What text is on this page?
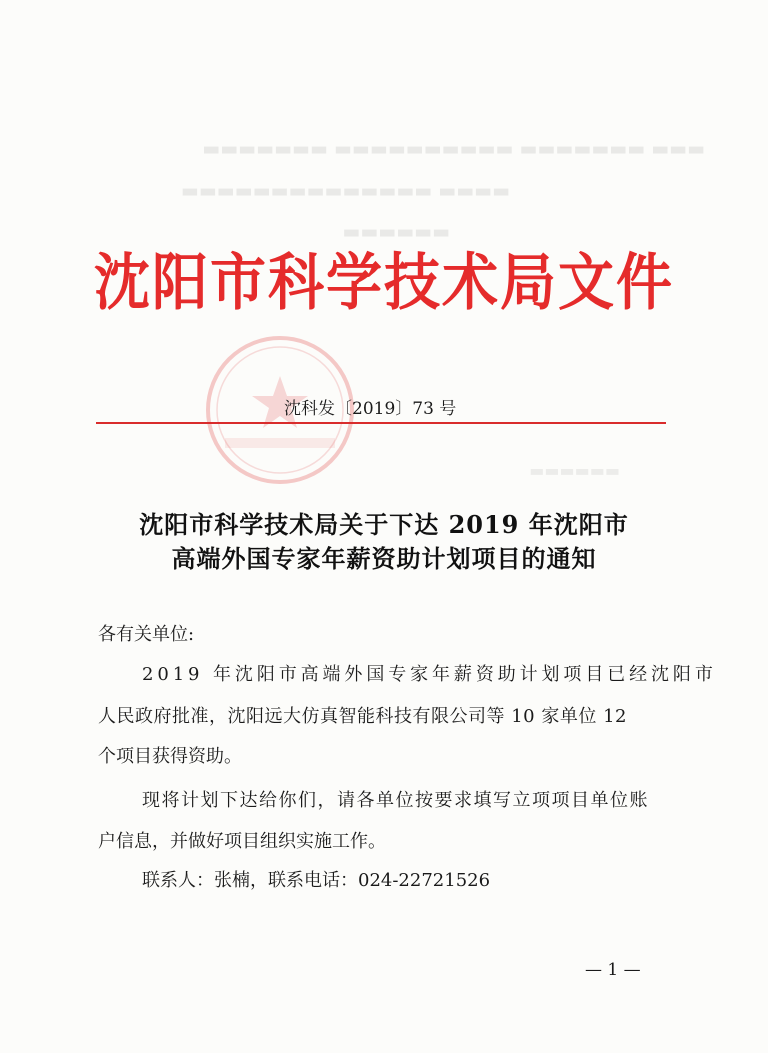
▬▬▬ ▬▬▬▬▬▬▬ ▬▬▬▬▬▬▬▬▬▬ ▬▬▬▬▬▬▬
▬▬▬▬ ▬▬▬▬▬▬▬▬▬▬▬▬▬▬
▬▬▬▬▬▬
▬▬▬▬▬▬
沈阳市科学技术局文件
沈科发〔2019〕73 号
沈阳市科学技术局关于下达 2019 年沈阳市
高端外国专家年薪资助计划项目的通知
各有关单位:
2019 年沈阳市高端外国专家年薪资助计划项目已经沈阳市
人民政府批准，沈阳远大仿真智能科技有限公司等 10 家单位 12
个项目获得资助。
现将计划下达给你们，请各单位按要求填写立项项目单位账
户信息，并做好项目组织实施工作。
联系人：张楠，联系电话：024-22721526
— 1 —
